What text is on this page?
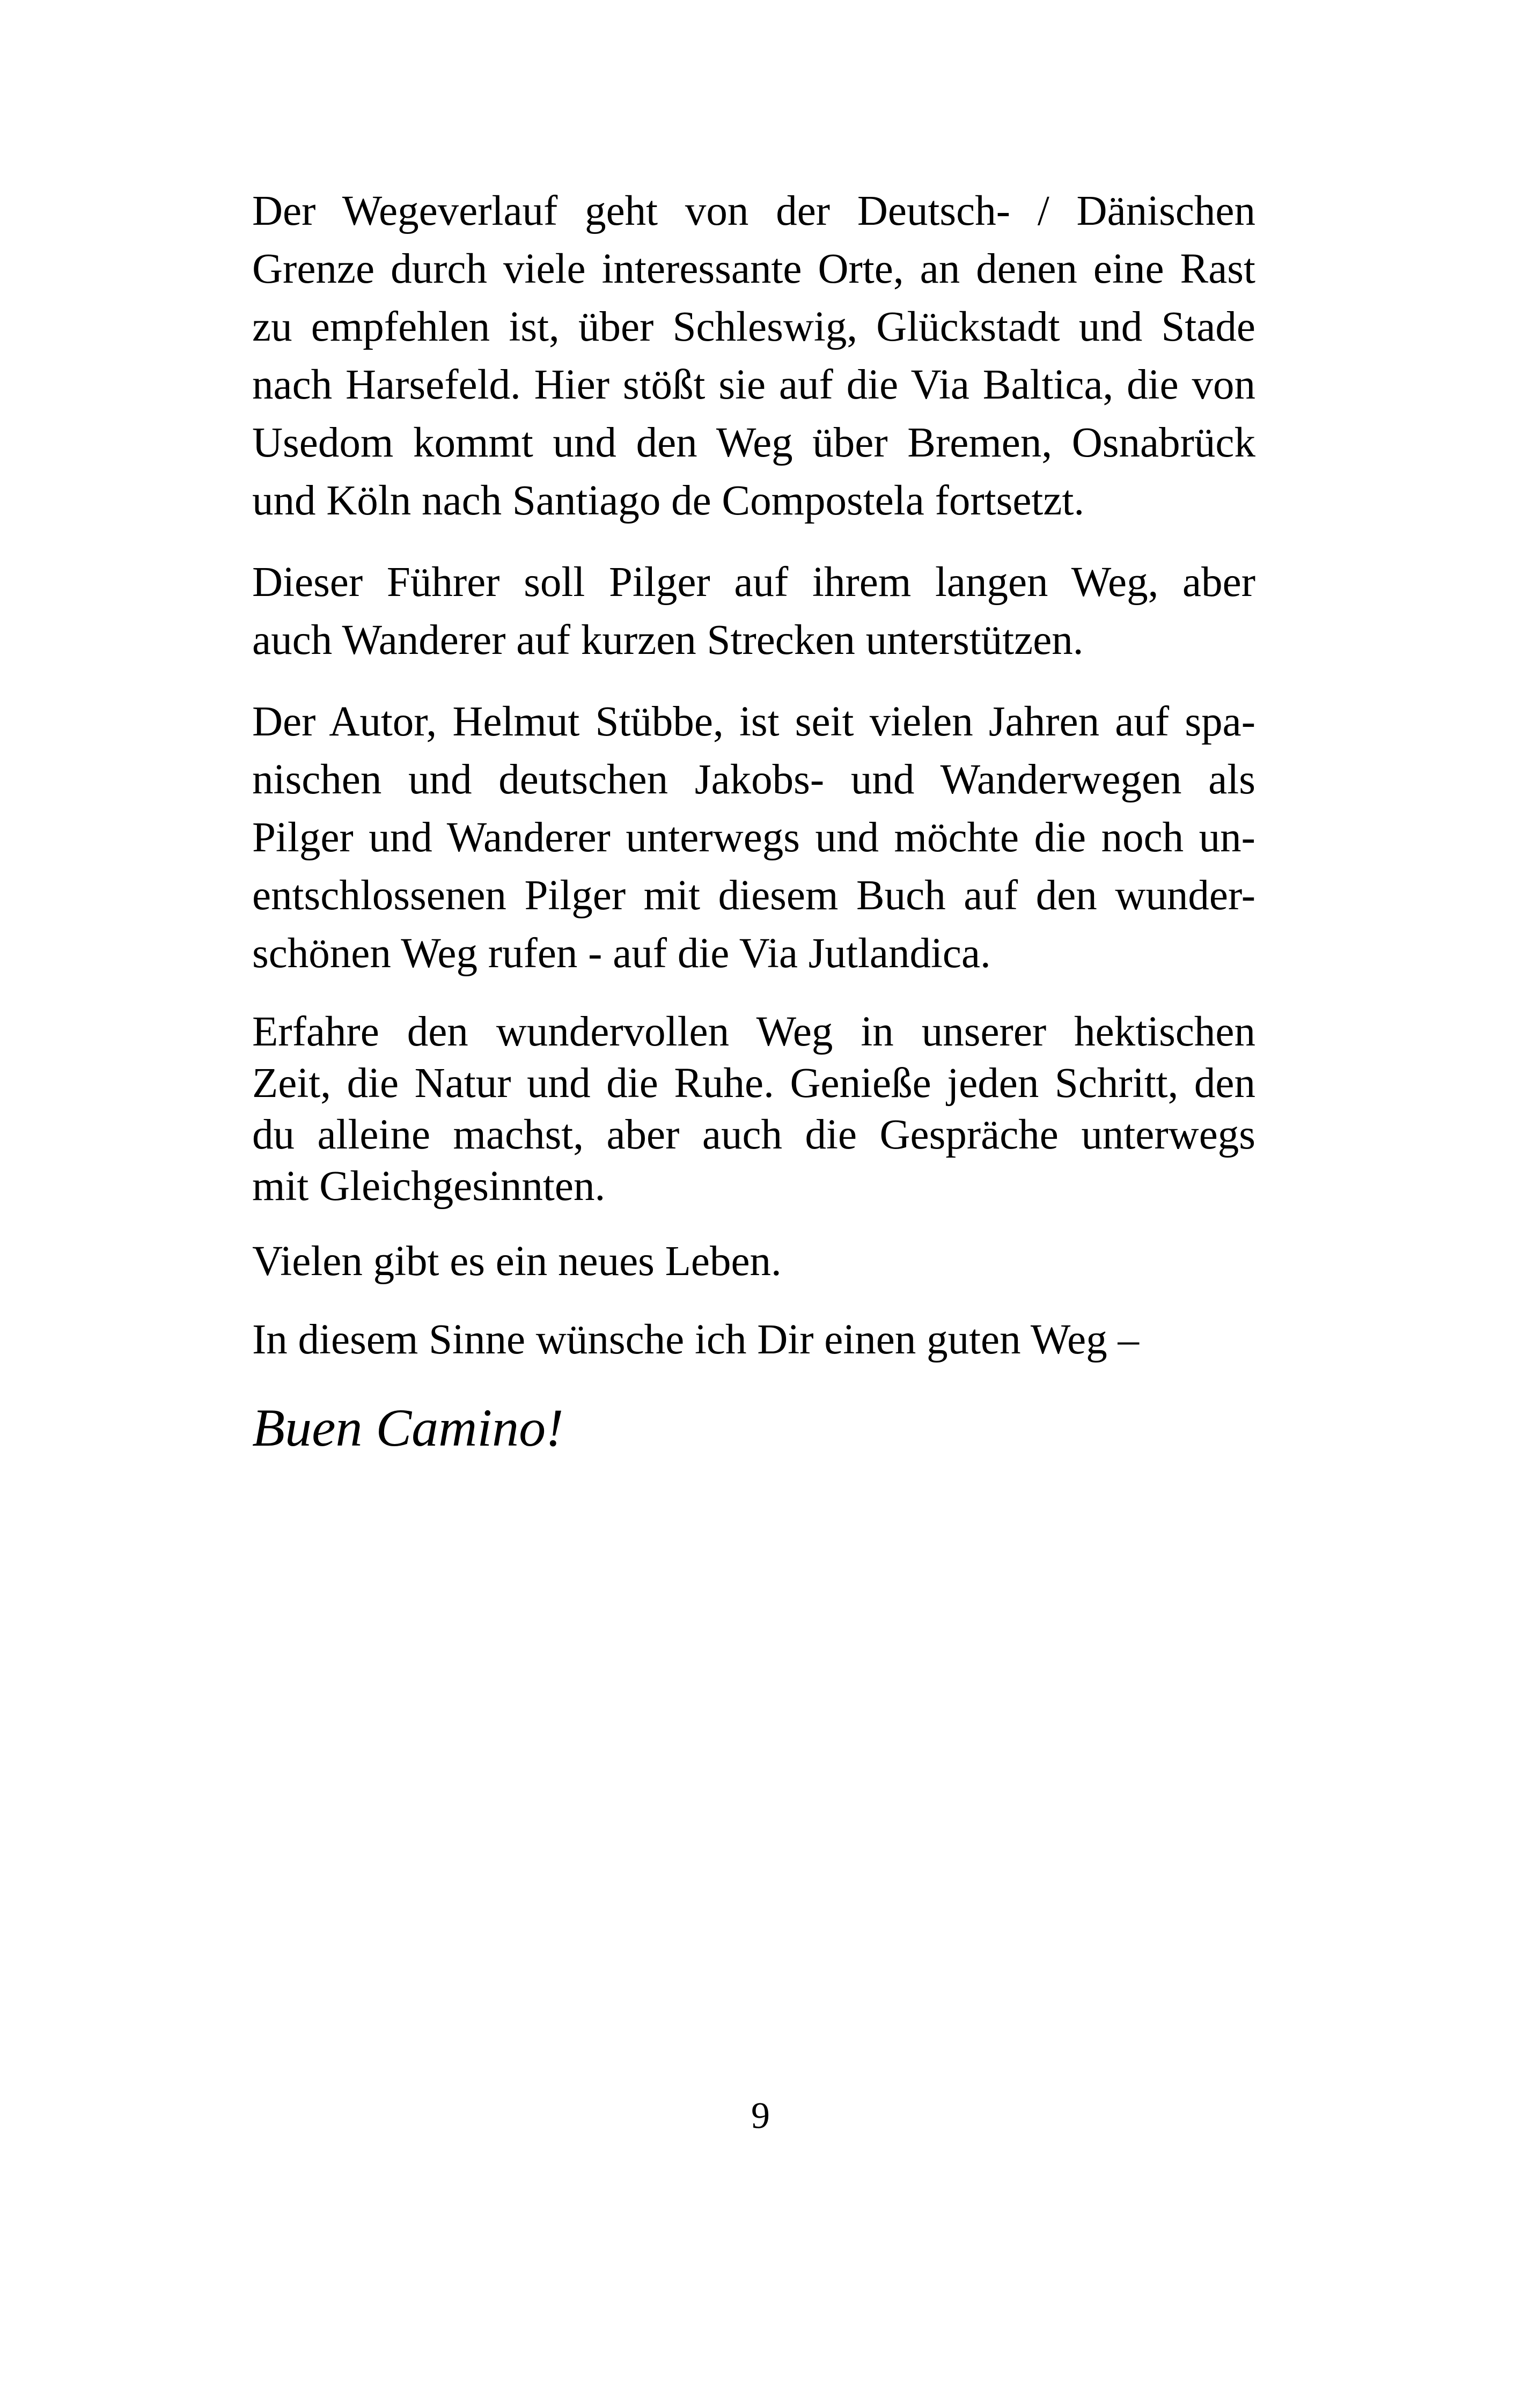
Der Wegeverlauf geht von der Deutsch- / Dänischen
Grenze durch viele interessante Orte, an denen eine Rast
zu empfehlen ist, über Schleswig, Glückstadt und Stade
nach Harsefeld. Hier stößt sie auf die Via Baltica, die von
Usedom kommt und den Weg über Bremen, Osnabrück
und Köln nach Santiago de Compostela fortsetzt.
Dieser Führer soll Pilger auf ihrem langen Weg, aber
auch Wanderer auf kurzen Strecken unterstützen.
Der Autor, Helmut Stübbe, ist seit vielen Jahren auf spa-
nischen und deutschen Jakobs- und Wanderwegen als
Pilger und Wanderer unterwegs und möchte die noch un-
entschlossenen Pilger mit diesem Buch auf den wunder-
schönen Weg rufen - auf die Via Jutlandica.
Erfahre den wundervollen Weg in unserer hektischen
Zeit, die Natur und die Ruhe. Genieße jeden Schritt, den
du alleine machst, aber auch die Gespräche unterwegs
mit Gleichgesinnten.
Vielen gibt es ein neues Leben.
In diesem Sinne wünsche ich Dir einen guten Weg –
Buen Camino!
9
